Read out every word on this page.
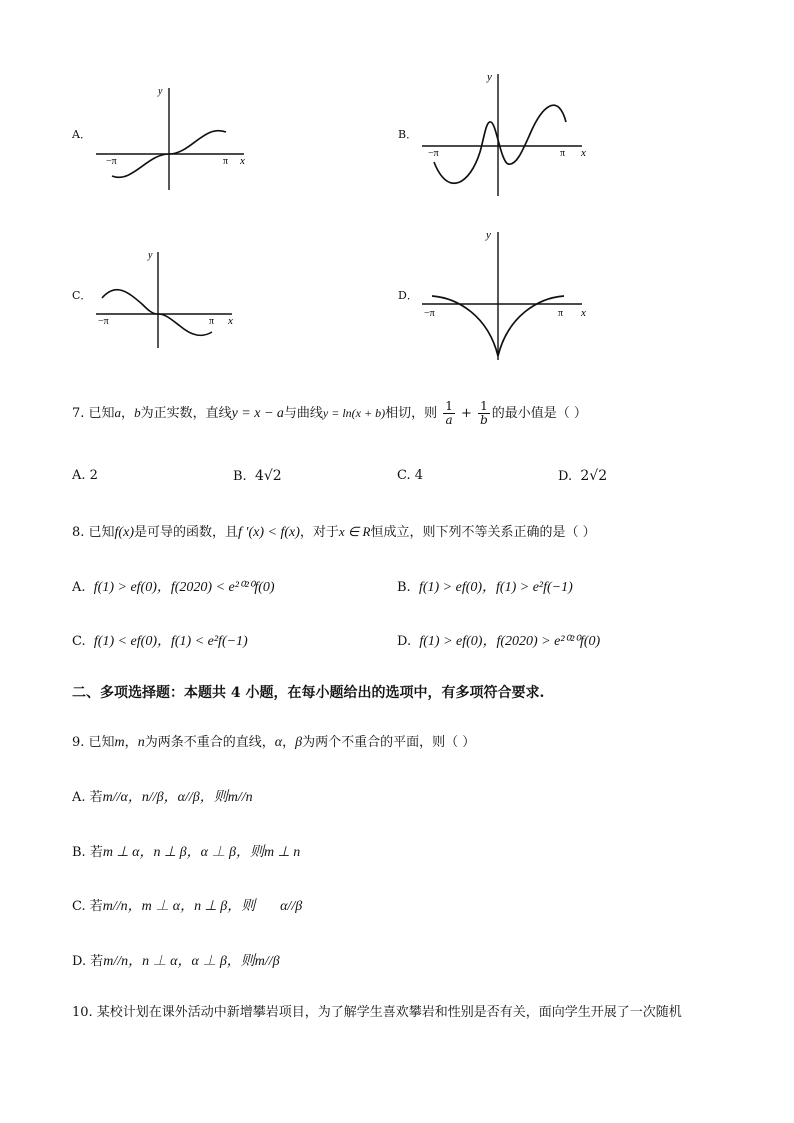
A．
y
x
−π	π
B．
y
x
−π	π
C．
y
x
−π	π
D．
y
x
−π	π
7. 已知a，b为正实数，直线y = x − a与曲线y = ln(x + b)相切，则 $\frac{1}{a} + \frac{1}{b}$ 的最小值是（ ）
A. 2	B. 4√2	C. 4	D. 2√2
8. 已知f(x)是可导的函数，且f ′(x) < f(x)，对于x ∈ R恒成立，则下列不等关系正确的是（ ）
A. f(1) > ef(0)，f(2020) < e²⁰²⁰f(0)	B. f(1) > ef(0)，f(1) > e²f(−1)
C. f(1) < ef(0)，f(1) < e²f(−1)	D. f(1) > ef(0)，f(2020) > e²⁰²⁰f(0)
二、多项选择题：本题共 4 小题，在每小题给出的选项中，有多项符合要求.
9. 已知m，n为两条不重合的直线，α，β为两个不重合的平面，则（ ）
A. 若m//α，n//β，α//β，则m//n
B. 若m ⊥ α，n ⊥ β，α ⊥ β，则m ⊥ n
C. 若m//n，m ⊥ α，n ⊥ β，则 α//β
D. 若m//n，n ⊥ α，α ⊥ β，则m//β
10. 某校计划在课外活动中新增攀岩项目，为了解学生喜欢攀岩和性别是否有关，面向学生开展了一次随机
